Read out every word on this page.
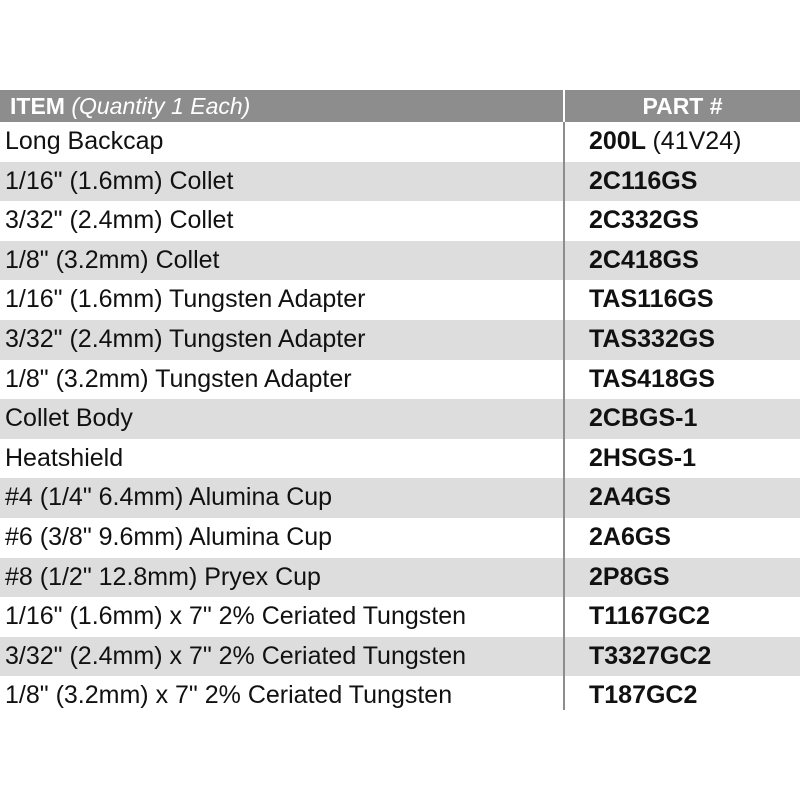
ITEM (Quantity 1 Each)	PART #
Long Backcap	200L (41V24)
1/16" (1.6mm) Collet	2C116GS
3/32" (2.4mm) Collet	2C332GS
1/8" (3.2mm) Collet	2C418GS
1/16" (1.6mm) Tungsten Adapter	TAS116GS
3/32" (2.4mm) Tungsten Adapter	TAS332GS
1/8" (3.2mm) Tungsten Adapter	TAS418GS
Collet Body	2CBGS-1
Heatshield	2HSGS-1
#4 (1/4" 6.4mm) Alumina Cup	2A4GS
#6 (3/8" 9.6mm) Alumina Cup	2A6GS
#8 (1/2" 12.8mm) Pryex Cup	2P8GS
1/16" (1.6mm) x 7" 2% Ceriated Tungsten	T1167GC2
3/32" (2.4mm) x 7" 2% Ceriated Tungsten	T3327GC2
1/8" (3.2mm) x 7" 2% Ceriated Tungsten	T187GC2
